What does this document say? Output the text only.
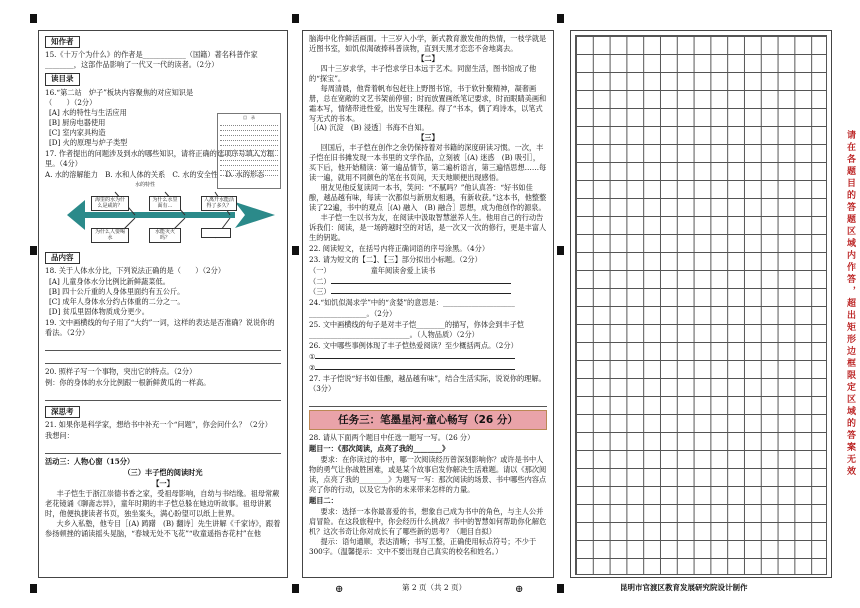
知作者
15.《十万个为什么》的作者是____________（国籍）著名科普作家________，这部作品影响了一代又一代的读者。（2分）
读目录
16.“第二站　炉子”板块内容聚焦的对应知识是（　　）（2分）
[A] 水的特性与生活应用
[B] 厨房电器使用
[C] 室内家具构造
[D] 火的原理与炉子类型
目　录
17. 作者提出的问题涉及到水的哪些知识，请将正确的选项序号填入方框里。（4分）
A. 水的溶解能力　B. 水和人体的关系　C. 水的安全性　D. 水的形态
水的特性
海里的水为什么是咸的？
为什么水里面有…
人离开水能活得了多久？
为什么人要喝水
水能灭火吗？
品内容
18. 关于人体水分比，下列说法正确的是（　　）（2分）
[A] 儿童身体水分比例比新鲜蔬菜低。
[B] 四十公斤重的人身体里面约有五公斤。
[C] 成年人身体水分约占体重的二分之一。
[D] 贫瓜里固体物质成分更少。
19. 文中画横线的句子用了“大约”一词，这样的表达是否准确？说说你的看法。（2分）
20. 照样子写一个事物，突出它的特点。（2分）
例：你的身体的水分比例跟一根新鲜黄瓜的一样高。
深思考
21. 如果你是科学家，想给书中补充一个“问题”，你会问什么？（2分）
我想问：
活动三：人物心窗（15分）
（三）丰子恺的阅读时光
【一】
丰子恺生于浙江崇德书香之家，受祖母影响，自幼与书结缘。祖母常蕨老花镜诵《聊斋志异》，童年时期的丰子恺总躲在她边听故事。祖母讲累时，他便执捷读者书页，独坐案头，满心盼望可以纸上世界。
大乡入私塾，他专目［(A) 踌躇　(B) 翻诗］先生讲解《千家诗》，跟着参扬顿挫的诵读摇头晃脑，“春城无处不飞花”“收童遥指杏花村”在他
脑海中化作鲜活画面。十三岁入小学，新式教育激发他的热情，一枝学就是近图书室，如饥似渴破捧科普读物，直到天黑才恋恋不舍地离去。
【二】
四十三岁求学，丰子恺求学日本远于艺术。同窗生活，图书馆成了他的“探宝”。
每周清晨，他背着帆布包赶往上野图书馆，书于软针聚精神，凝奢画册，总在宽敞的文艺书架前停留；时而放置画纸笔记要求，时而眼睛美画和霜本写，情绪带进性爱，出发写生课程。得了“书本，偶了鸡诗本，以笔式写无式的书本。
［(A) 沉淀　(B) 浸透］书海不自知。
【三】
回国后，丰子恺在创作之余仍保持着对书籍的深度研读习惯。一次，丰子恺在旧书摊发现一本书里的文学作品，立刻被［(A) 迷惑　(B) 吸引］，买下后，他开始精读：第一遍品情节，第二遍析语言，第三遍悟思想……每读一遍，就用不同颜色的笔在书页间，天天地顺便出现感悟。
朋友见他反复读同一本书，笑问：“不腻吗？”他认真答：“好书如佳酿，越品越有味，每读一次都似与新朋友相遇，有新收获。”这本书，他整整读了22遍，书中的观点［(A) 融入　(B) 融合］思想，成为他创作的源泉。
丰子恺一生以书为友，在阅读中汲取智慧滋养人生。他用自己的行动告诉我们：阅读，是一场跨越时空的对话，是一次又一次的修行，更是丰富人生的钥匙。
22. 阅读短文，在括号内将正确词语的序号涂黑。（4分）
23. 请为短文的【二】、【三】部分拟出小标题。（2分）
（一）	童年阅读舍爱上读书
（二）
（三）
24.“如饥似渴求学”中的“贪婪”的意思是：____________________
________________。（2分）
25. 文中画横线的句子是对丰子恺________的描写，你体会到丰子恺____________________________。（人物品质）（2分）
26. 文中哪些事例体现了丰子恺热爱阅读？至少概括两点。（2分）
①
②
27. 丰子恺说“好书如佳酿，越品越有味”，结合生活实际，说说你的理解。（3分）
任务三：笔墨星河·童心畅写（26 分）
28. 请从下面两个题目中任选一题写一写。（26 分）
题目一：《那次阅读，点亮了我的________》
要求：在你读过的书中，哪一次阅读经历曾深刻影响你？或许是书中人物的勇气让你战胜困难，或是某个故事启发你解决生活难题。请以《那次阅读，点亮了我的________》为题写一写：那次阅读的场景、书中哪些内容点亮了你的行动，以及它为你的未来带来怎样的力量。
题目二：
要求：选择一本你最喜爱的书，想象自己成为书中的角色，与主人公并肩冒险。在这段旅程中，你会经历什么挑战？书中的智慧如何帮助你化解危机？这次书奇让你对成长有了哪些新的思考？（题目自拟）
提示：语句通顺，表达清晰；书写工整，正确使用标点符号；不少于300字。（温馨提示：文中不要出现自己真实的校名和姓名。）
请在各题目的答题区域内作答，超出矩形边框限定区域的答案无效
⊕	⊕
第 2 页（共 2 页）	昆明市官渡区教育发展研究院设计制作
